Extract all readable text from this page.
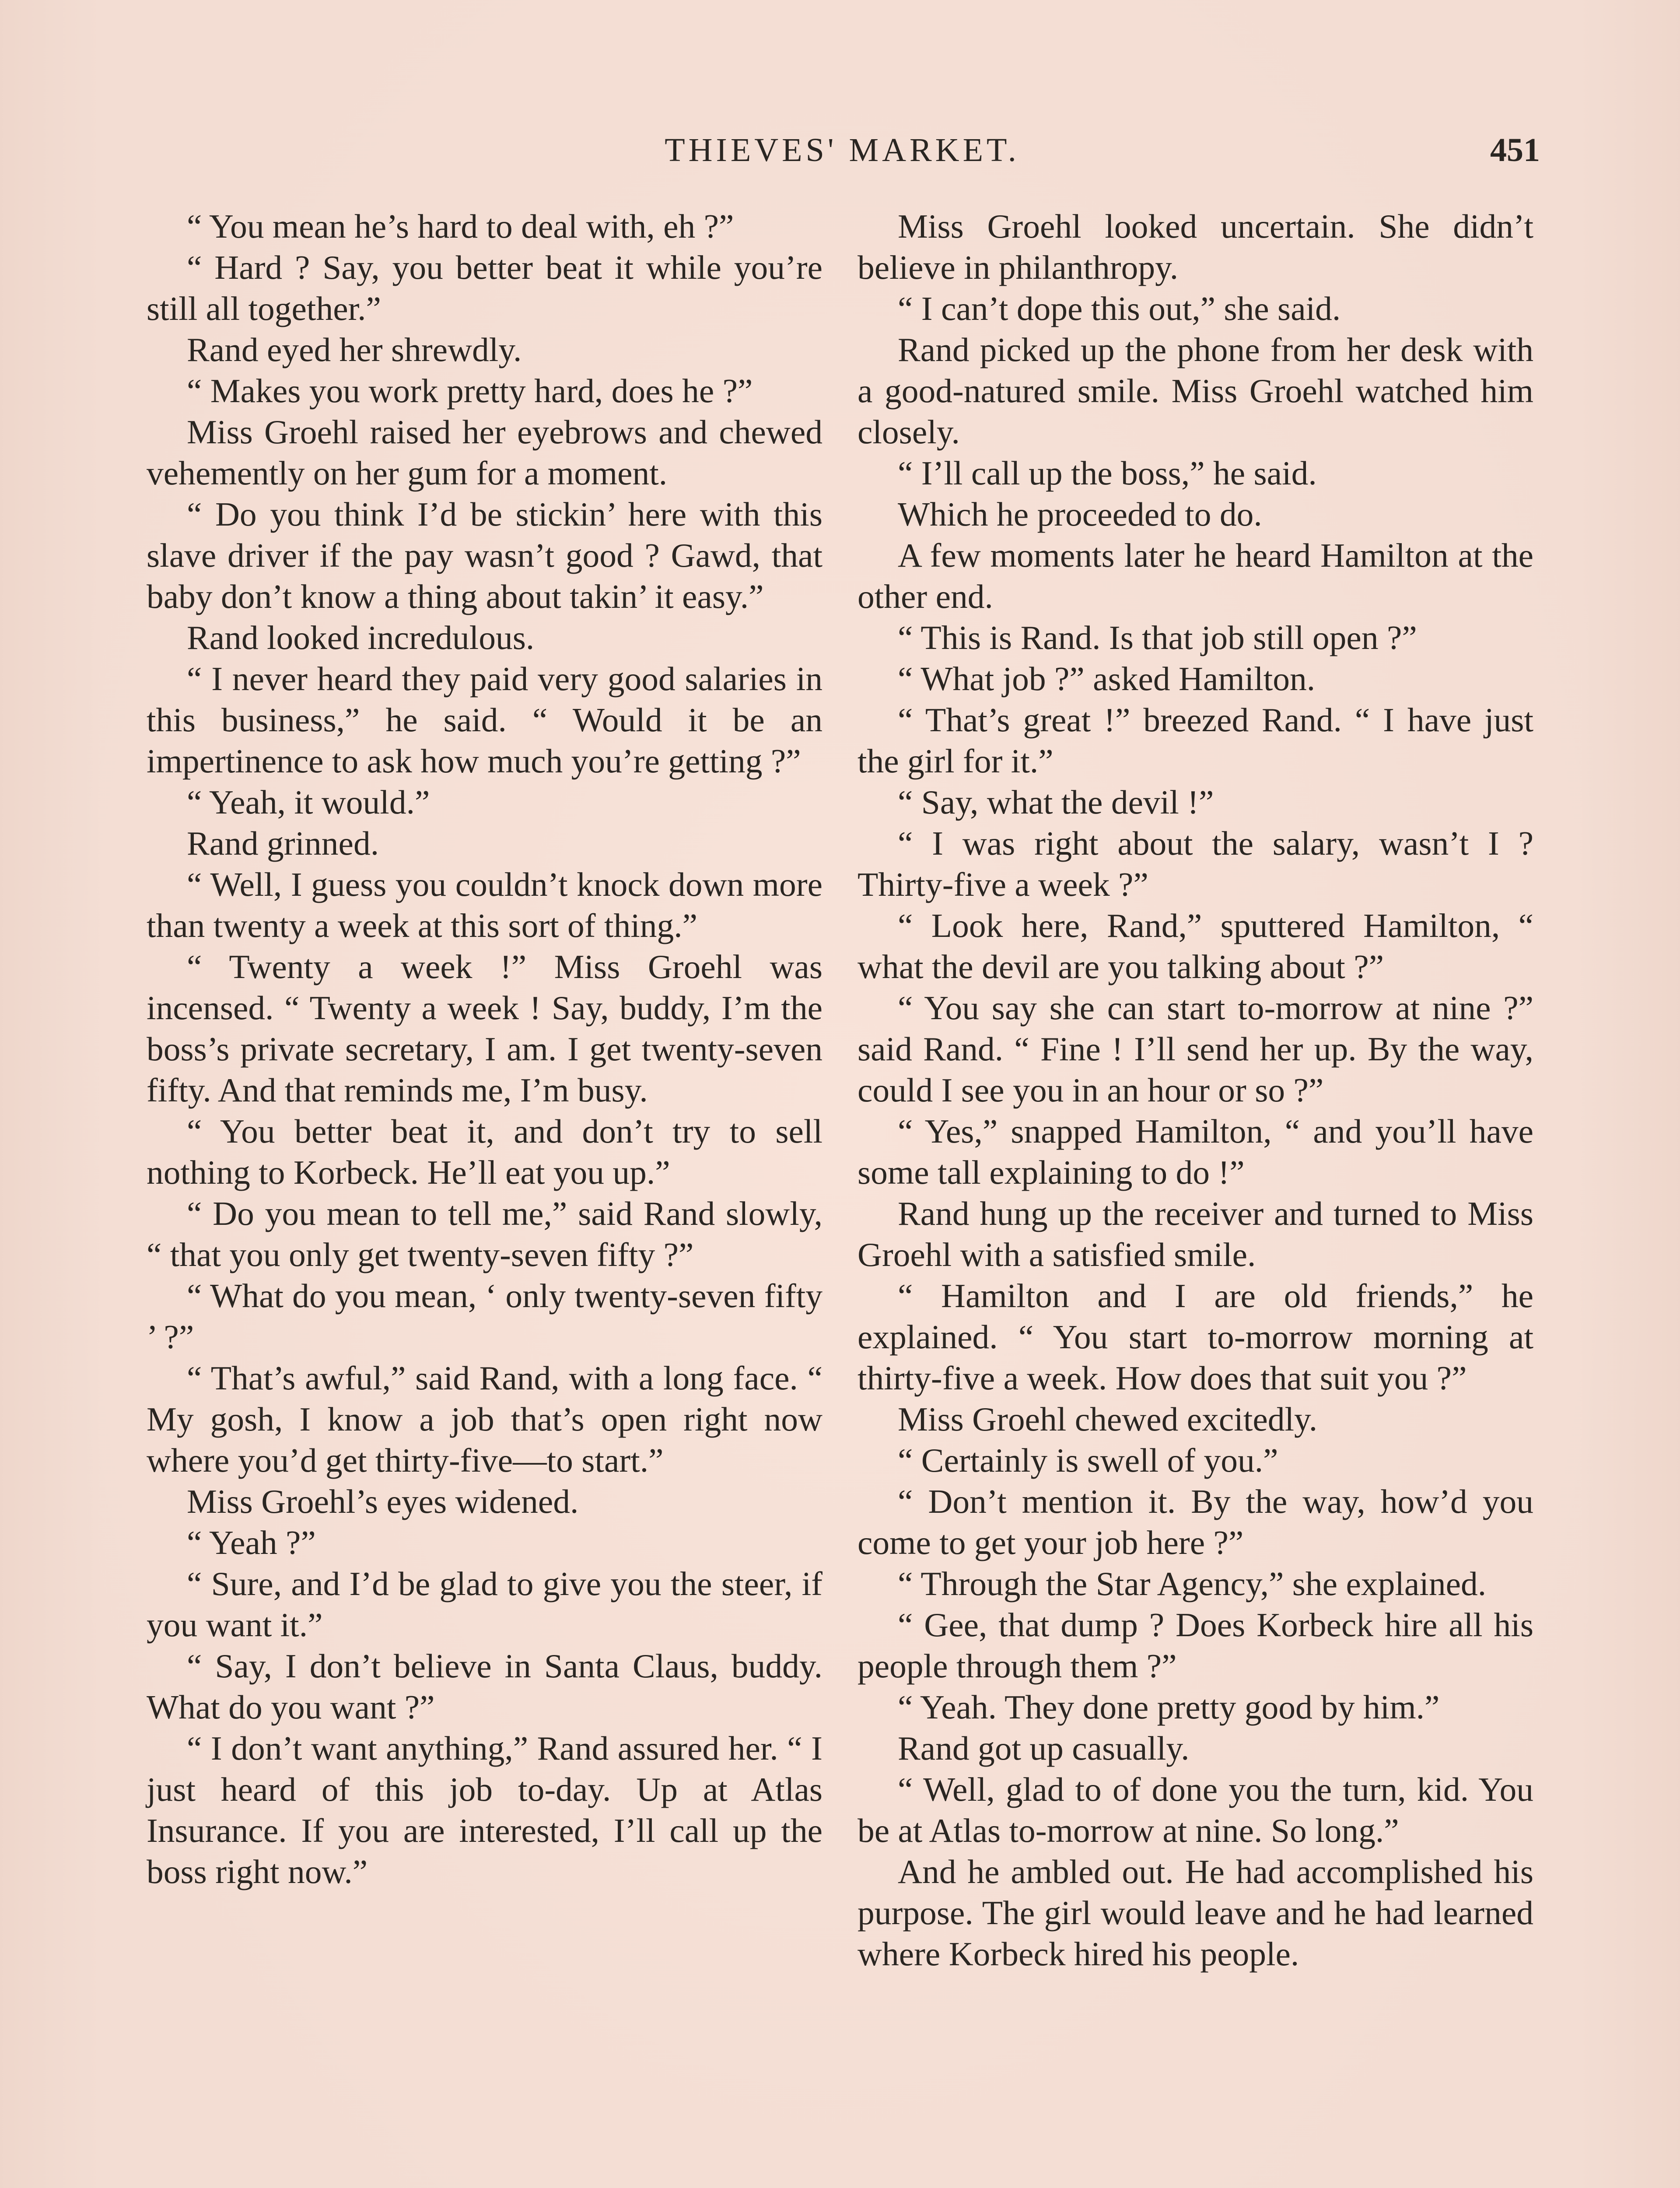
THIEVES' MARKET.	451

“ You mean he’s hard to deal with, eh ?”

“ Hard ? Say, you better beat it while you’re still all together.”

Rand eyed her shrewdly.

“ Makes you work pretty hard, does he ?”

Miss Groehl raised her eyebrows and chewed vehemently on her gum for a moment.

“ Do you think I’d be stickin’ here with this slave driver if the pay wasn’t good ? Gawd, that baby don’t know a thing about takin’ it easy.”

Rand looked incredulous.

“ I never heard they paid very good salaries in this business,” he said. “ Would it be an impertinence to ask how much you’re getting ?”

“ Yeah, it would.”

Rand grinned.

“ Well, I guess you couldn’t knock down more than twenty a week at this sort of thing.”

“ Twenty a week !” Miss Groehl was incensed. “ Twenty a week ! Say, buddy, I’m the boss’s private secretary, I am. I get twenty-seven fifty. And that reminds me, I’m busy.

“ You better beat it, and don’t try to sell nothing to Korbeck. He’ll eat you up.”

“ Do you mean to tell me,” said Rand slowly, “ that you only get twenty-seven fifty ?”

“ What do you mean, ‘ only twenty-seven fifty ’ ?”

“ That’s awful,” said Rand, with a long face. “ My gosh, I know a job that’s open right now where you’d get thirty-five—to start.”

Miss Groehl’s eyes widened.

“ Yeah ?”

“ Sure, and I’d be glad to give you the steer, if you want it.”

“ Say, I don’t believe in Santa Claus, buddy. What do you want ?”

“ I don’t want anything,” Rand assured her. “ I just heard of this job to-day. Up at Atlas Insurance. If you are interested, I’ll call up the boss right now.”

Miss Groehl looked uncertain. She didn’t believe in philanthropy.

“ I can’t dope this out,” she said.

Rand picked up the phone from her desk with a good-natured smile. Miss Groehl watched him closely.

“ I’ll call up the boss,” he said.

Which he proceeded to do.

A few moments later he heard Hamilton at the other end.

“ This is Rand. Is that job still open ?”

“ What job ?” asked Hamilton.

“ That’s great !” breezed Rand. “ I have just the girl for it.”

“ Say, what the devil !”

“ I was right about the salary, wasn’t I ? Thirty-five a week ?”

“ Look here, Rand,” sputtered Hamilton, “ what the devil are you talking about ?”

“ You say she can start to-morrow at nine ?” said Rand. “ Fine ! I’ll send her up. By the way, could I see you in an hour or so ?”

“ Yes,” snapped Hamilton, “ and you’ll have some tall explaining to do !”

Rand hung up the receiver and turned to Miss Groehl with a satisfied smile.

“ Hamilton and I are old friends,” he explained. “ You start to-morrow morning at thirty-five a week. How does that suit you ?”

Miss Groehl chewed excitedly.

“ Certainly is swell of you.”

“ Don’t mention it. By the way, how’d you come to get your job here ?”

“ Through the Star Agency,” she explained.

“ Gee, that dump ? Does Korbeck hire all his people through them ?”

“ Yeah. They done pretty good by him.”

Rand got up casually.

“ Well, glad to of done you the turn, kid. You be at Atlas to-morrow at nine. So long.”

And he ambled out. He had accomplished his purpose. The girl would leave and he had learned where Korbeck hired his people.
